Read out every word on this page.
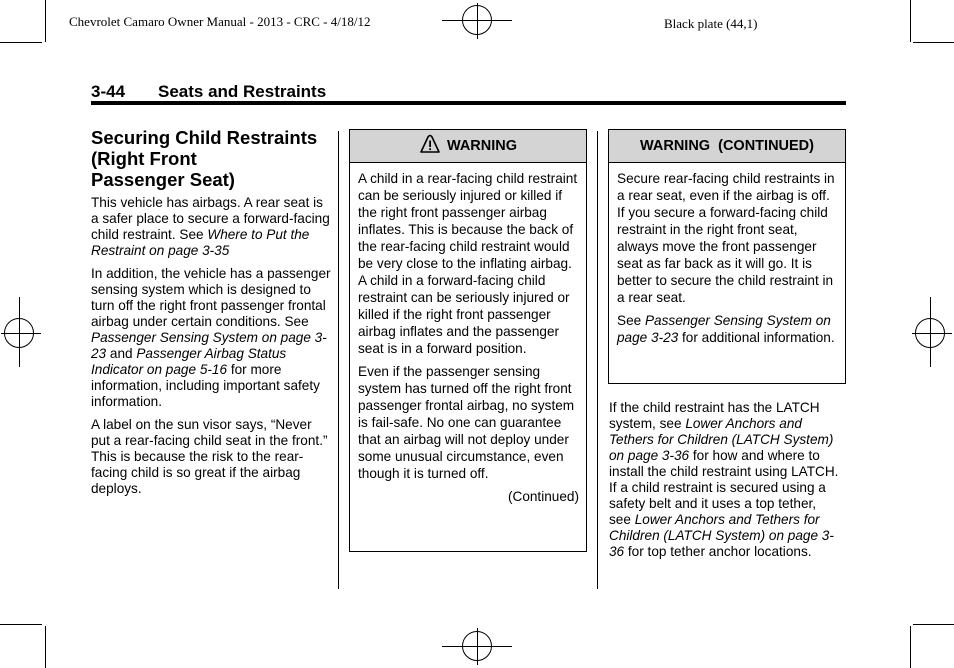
Chevrolet Camaro Owner Manual - 2013 - CRC - 4/18/12	Black plate (44,1)
3-44 Seats and Restraints
Securing Child Restraints
(Right Front
Passenger Seat)

This vehicle has airbags. A rear seat is a safer place to secure a forward-facing child restraint. See Where to Put the Restraint on page 3-35

In addition, the vehicle has a passenger sensing system which is designed to turn off the right front passenger frontal airbag under certain conditions. See Passenger Sensing System on page 3-23 and Passenger Airbag Status Indicator on page 5-16 for more information, including important safety information.

A label on the sun visor says, “Never put a rear-facing child seat in the front.” This is because the risk to the rear-facing child is so great if the airbag deploys.

WARNING

A child in a rear-facing child restraint can be seriously injured or killed if the right front passenger airbag inflates. This is because the back of the rear-facing child restraint would be very close to the inflating airbag. A child in a forward-facing child restraint can be seriously injured or killed if the right front passenger airbag inflates and the passenger seat is in a forward position.

Even if the passenger sensing system has turned off the right front passenger frontal airbag, no system is fail-safe. No one can guarantee that an airbag will not deploy under some unusual circumstance, even though it is turned off.

(Continued)
WARNING  (CONTINUED)

Secure rear-facing child restraints in a rear seat, even if the airbag is off. If you secure a forward-facing child restraint in the right front seat, always move the front passenger seat as far back as it will go. It is better to secure the child restraint in a rear seat.

See Passenger Sensing System on page 3-23 for additional information.

If the child restraint has the LATCH system, see Lower Anchors and Tethers for Children (LATCH System) on page 3-36 for how and where to install the child restraint using LATCH. If a child restraint is secured using a safety belt and it uses a top tether, see Lower Anchors and Tethers for Children (LATCH System) on page 3-36 for top tether anchor locations.
